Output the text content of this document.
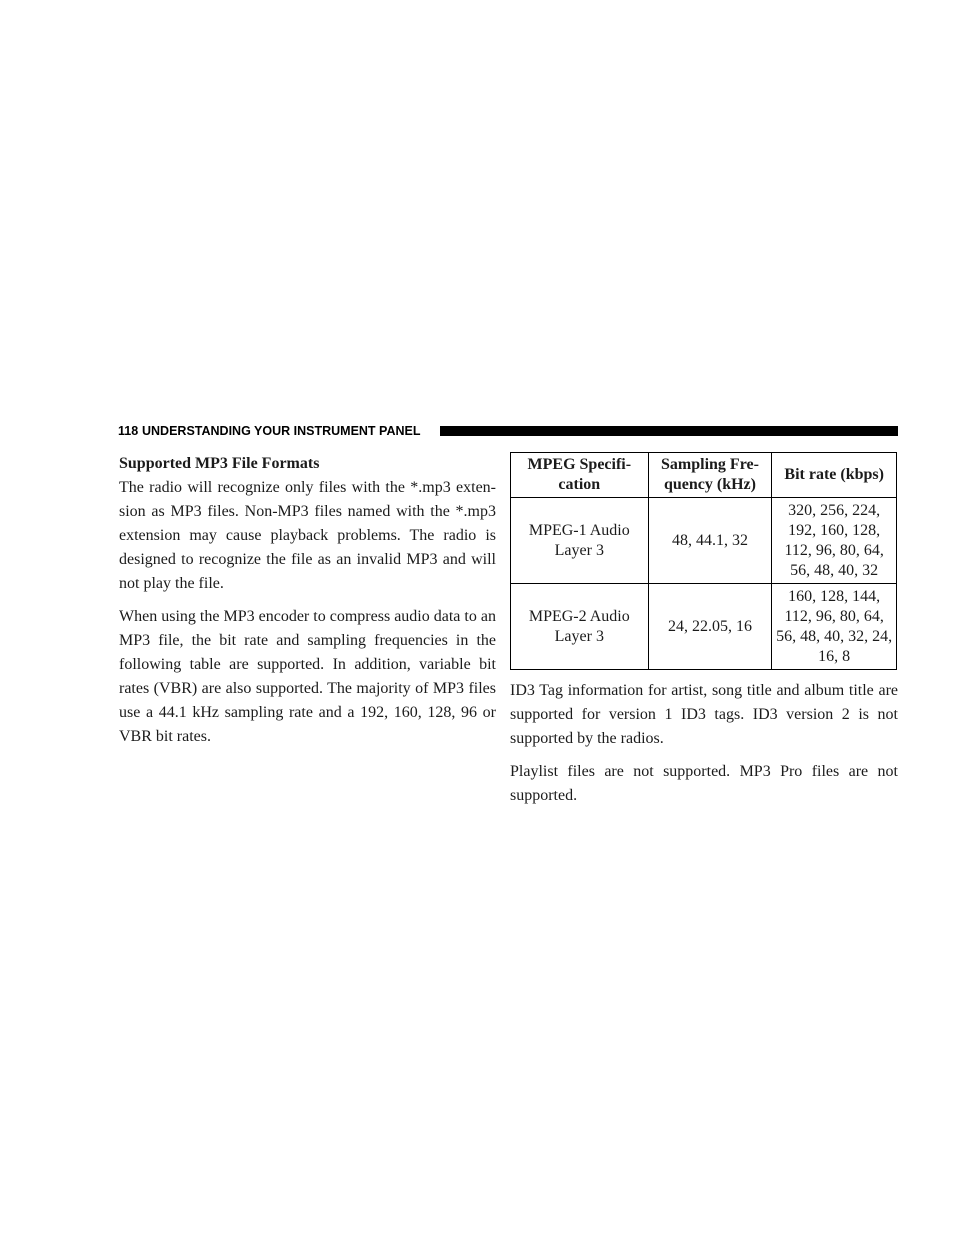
118 UNDERSTANDING YOUR INSTRUMENT PANEL
Supported MP3 File Formats

The radio will recognize only files with the *.mp3 exten-sion as MP3 files. Non-MP3 files named with the *.mp3 extension may cause playback problems. The radio is designed to recognize the file as an invalid MP3 and will not play the file.

When using the MP3 encoder to compress audio data to an MP3 file, the bit rate and sampling frequencies in the following table are supported. In addition, variable bit rates (VBR) are also supported. The majority of MP3 files use a 44.1 kHz sampling rate and a 192, 160, 128, 96 or VBR bit rates.

MPEG Specifi-cation	Sampling Fre-quency (kHz)	Bit rate (kbps)
MPEG-1 Audio Layer 3	48, 44.1, 32	320, 256, 224, 192, 160, 128, 112, 96, 80, 64, 56, 48, 40, 32
MPEG-2 Audio Layer 3	24, 22.05, 16	160, 128, 144, 112, 96, 80, 64, 56, 48, 40, 32, 24, 16, 8

ID3 Tag information for artist, song title and album title are supported for version 1 ID3 tags. ID3 version 2 is not supported by the radios.

Playlist files are not supported. MP3 Pro files are not supported.
